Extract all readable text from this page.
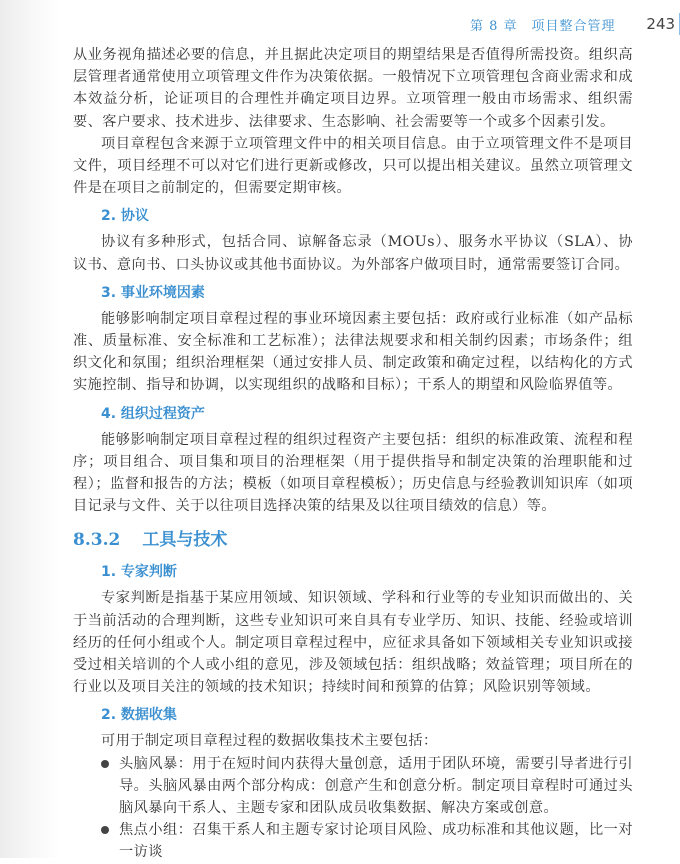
第 8 章　项目整合管理 243

从业务视角描述必要的信息，并且据此决定项目的期望结果是否值得所需投资。组织高层管理者通常使用立项管理文件作为决策依据。一般情况下立项管理包含商业需求和成本效益分析，论证项目的合理性并确定项目边界。立项管理一般由市场需求、组织需要、客户要求、技术进步、法律要求、生态影响、社会需要等一个或多个因素引发。

项目章程包含来源于立项管理文件中的相关项目信息。由于立项管理文件不是项目文件，项目经理不可以对它们进行更新或修改，只可以提出相关建议。虽然立项管理文件是在项目之前制定的，但需要定期审核。

2. 协议

协议有多种形式，包括合同、谅解备忘录（MOUs）、服务水平协议（SLA）、协议书、意向书、口头协议或其他书面协议。为外部客户做项目时，通常需要签订合同。

3. 事业环境因素

能够影响制定项目章程过程的事业环境因素主要包括：政府或行业标准（如产品标准、质量标准、安全标准和工艺标准）；法律法规要求和相关制约因素；市场条件；组织文化和氛围；组织治理框架（通过安排人员、制定政策和确定过程，以结构化的方式实施控制、指导和协调，以实现组织的战略和目标）；干系人的期望和风险临界值等。

4. 组织过程资产

能够影响制定项目章程过程的组织过程资产主要包括：组织的标准政策、流程和程序；项目组合、项目集和项目的治理框架（用于提供指导和制定决策的治理职能和过程）；监督和报告的方法；模板（如项目章程模板）；历史信息与经验教训知识库（如项目记录与文件、关于以往项目选择决策的结果及以往项目绩效的信息）等。

8.3.2 工具与技术
1. 专家判断

专家判断是指基于某应用领域、知识领域、学科和行业等的专业知识而做出的、关于当前活动的合理判断，这些专业知识可来自具有专业学历、知识、技能、经验或培训经历的任何小组或个人。制定项目章程过程中，应征求具备如下领域相关专业知识或接受过相关培训的个人或小组的意见，涉及领域包括：组织战略；效益管理；项目所在的行业以及项目关注的领域的技术知识；持续时间和预算的估算；风险识别等领域。

2. 数据收集

可用于制定项目章程过程的数据收集技术主要包括：

头脑风暴：用于在短时间内获得大量创意，适用于团队环境，需要引导者进行引导。头脑风暴由两个部分构成：创意产生和创意分析。制定项目章程时可通过头脑风暴向干系人、主题专家和团队成员收集数据、解决方案或创意。
焦点小组：召集干系人和主题专家讨论项目风险、成功标准和其他议题，比一对一访谈
